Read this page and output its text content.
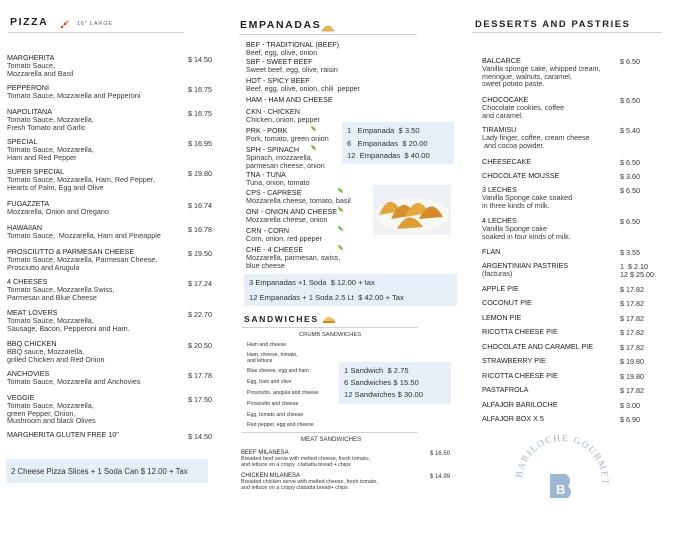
PIZZA	16" LARGE
MARGHERITA
Tomato Sauce,
Mozzarella and Basil
$ 14.50
PEPPERONI
Tomato Sauce, Mozzarella and Pepperoni
$ 16.75
NAPOLITANA
Tomato Sauce, Mozzarella,
Fresh Tomato and Garlic
$ 16.75
SPECIAL
Tomato Sauce, Mozzarella,
Ham and Red Pepper
$ 16.95
SUPER SPECIAL
Tomato Sauce, Mozzarella, Ham, Red Pepper,
Hearts of Palm, Egg and Olive
$ 19.80
FUGAZZETA
Mozzarella, Onion and Oregano
$ 16.74
HAWAIIAN
Tomato Sauce,  Mozzarella, Ham and Pineapple
$ 16.78
PROSCIUTTO & PARMESAN CHEESE
Tomato Sauce, Mozzarella, Parmesan Cheese,
Prosciutto and Arugula
$ 19.50
4 CHEESES
Tomato Sauce, Mozzarella Swiss,
Parmesan and Blue Cheese
$ 17.24
MEAT LOVERS
Tomato Sauce, Mozzarella,
Sausage, Bacon, Pepperoni and Ham.
$ 22.70
BBQ CHICKEN
BBQ sauce, Mozzarella,
grilled Chicken and Red Onion
$ 20.50
ANCHOVIES
Tomato Sauce, Mozzarella and Anchovies
$ 17.78
VEGGIE
Tomato Sauce, Mozzarella,
green Pepper, Onion,
Mushroom and black Olives
$ 17.50
MARGHERITA GLUTEN FREE 10"	$ 14.50
2 Cheese Pizza Slices + 1 Soda Can $ 12.00 + Tax
EMPANADAS
BEF - TRADITIONAL (BEEF)
Beef, egg, olive, onion
SBF - SWEET BEEF
Sweet beef, egg, olive, raisin
HOT - SPICY BEEF
Beef, egg, olive, onion, chili  pepper
HAM - HAM AND CHEESE
CKN - CHICKEN
Chicken, onion, pepper
PRK - PORK
Pork, tomato, green onion
SPH - SPINACH
Spinach, mozzarella,
parmesan cheese, onion
TNA - TUNA
Tuna, onion, tomato
CPS - CAPRESE
Mozzarella cheese, tomato, basil
ONI - ONION AND CHEESE
Mozzarella cheese, onion
CRN - CORN
Corn, onion, red ppeper
CHE - 4 CHEESE
Mozzarella, parmesan, swiss,
blue cheese
1   Empanada  $ 3.50
6   Empanadas  $ 20.00
12  Empanadas  $ 40.00
3 Empanadas +1 Soda  $ 12.00 + tax
12 Empanadas + 1 Soda 2.5 Lt  $ 42.00 + Tax
SANDWICHES
CRUMB SANDWICHES
Ham and cheese
Ham, cheese, tomato,
and lettuce
Blue cheese, egg and ham
Egg, ham and olive
Prosciutto, arugula and cheese
Prosciutto and cheese
Egg, tomato and cheese
Red pepper, egg and cheese
1 Sandwich  $ 2.75
6 Sandwiches $ 15.50
12 Sandwiches $ 30.00
MEAT SANDWICHES
BEEF MILANESA
Breaded beef serve with melted cheese, fresh tomato,
and lettuce on a crispy  clabatta bread + chips
$ 16.50
CHICKEN MILANESA
Breaded chicken serve with melted cheese, fresh tomato,
and lettuce on a crispy clabatta bread+ chips
$ 14.99
DESSERTS AND PASTRIES
BALCARCE
Vanilla sponge cake, whipped cream,
meringue, walnuts, caramel,
sweet potato paste.
$ 6.50
CHOCOCAKE
Chocolate cookies, coffee
and caramel.
$ 6.50
TIRAMISU
Lady finger, coffee, cream cheese
and cocoa powder.
$ 5.40
CHEESECAKE	$ 6.50
CHOCOLATE MOUSSE	$ 3.60
3 LECHES
Vanilla Sponge cake soaked
in three kinds of milk.
$ 6.50
4 LECHES
Vanilla Sponge cake
soaked in four kinds of milk.
$ 6.50
FLAN	$ 3.55
ARGENTINIAN PASTRIES
(facturas)
1  $ 2.10
12 $ 25.00
APPLE PIE	$ 17.82
COCONUT PIE	$ 17.82
LEMON PIE	$ 17.82
RICOTTA CHEESE PIE	$ 17.82
CHOCOLATE AND CARAMEL PIE	$ 17.82
STRAWBERRY PIE	$ 19.80
RICOTTA CHEESE PIE	$ 19.80
PASTAFROLA	$ 17.82
ALFAJOR BARILOCHE	$ 3.00
ALFAJOR BOX X 5	$ 6.90
BARILOCHE GOURMET
B
